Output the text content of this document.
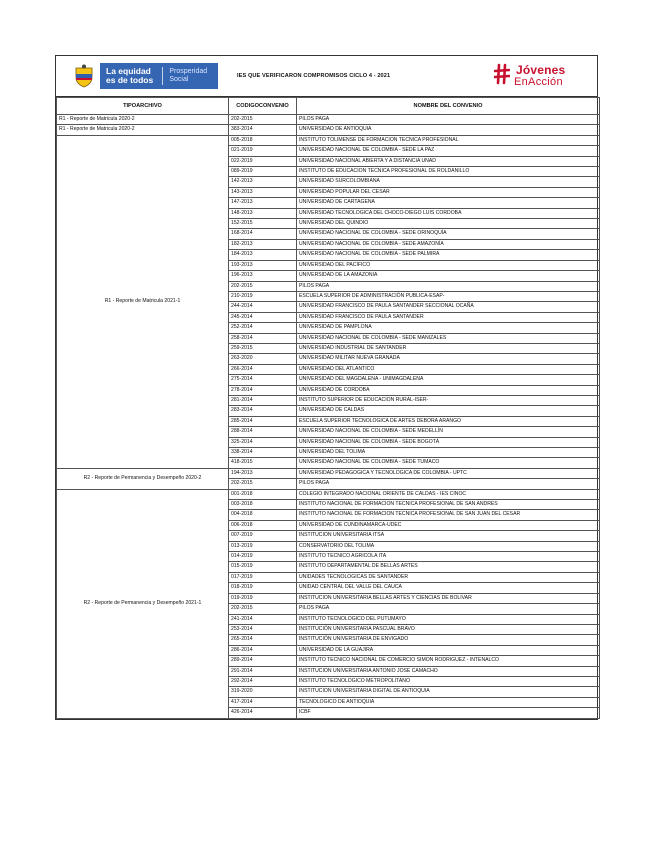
La equidad
es de todos
Prosperidad
Social	IES QUE VERIFICARON COMPROMISOS CICLO 4 - 2021	Jóvenes
EnAcción
TIPOARCHIVO	CODIGOCONVENIO	NOMBRE DEL CONVENIO
R1 - Reporte de Matricula 2020-2	202-2015	PILOS PAGA
R1 - Reporte de Matricula 2020-2	383-2014	UNIVERSIDAD DE ANTIOQUIA
R1 - Reporte de Matricula 2021-1	005-2018	INSTITUTO TOLIMENSE DE FORMACION TECNICA PROFESIONAL
	021-2019	UNIVERSIDAD NACIONAL DE COLOMBIA - SEDE LA PAZ
	022-2019	UNIVERSIDAD NACIONAL ABIERTA Y A DISTANCIA UNAD
	089-2019	INSTITUTO DE EDUCACION TECNICA PROFESIONAL DE ROLDANILLO
	142-2013	UNIVERSIDAD SURCOLOMBIANA
	143-2013	UNIVERSIDAD POPULAR DEL CESAR
	147-2013	UNIVERSIDAD DE CARTAGENA
	148-2013	UNIVERSIDAD TECNOLOGICA DEL CHOCO-DIEGO LUIS CORDOBA
	152-2015	UNIVERSIDAD DEL QUINDIO
	168-2014	UNIVERSIDAD NACIONAL DE COLOMBIA - SEDE ORINOQUÍA
	182-2013	UNIVERSIDAD NACIONAL DE COLOMBIA - SEDE AMAZONÍA
	184-2013	UNIVERSIDAD NACIONAL DE COLOMBIA - SEDE PALMIRA
	193-2013	UNIVERSIDAD DEL PACIFICO
	196-2013	UNIVERSIDAD DE LA AMAZONIA
	202-2015	PILOS PAGA
	210-2019	ESCUELA SUPERIOR DE ADMINISTRACIÓN PUBLICA-ESAP-
	244-2014	UNIVERSIDAD FRANCISCO DE PAULA SANTANDER SECCIONAL OCAÑA
	245-2014	UNIVERSIDAD FRANCISCO DE PAULA SANTANDER
	252-2014	UNIVERSIDAD DE PAMPLONA
	258-2014	UNIVERSIDAD NACIONAL DE COLOMBIA - SEDE MANIZALES
	259-2015	UNIVERSIDAD INDUSTRIAL DE SANTANDER
	263-2020	UNIVERSIDAD MILITAR NUEVA GRANADA
	266-2014	UNIVERSIDAD DEL ATLANTICO
	275-2014	UNIVERSIDAD DEL MAGDALENA - UNIMAGDALENA
	278-2014	UNIVERSIDAD DE CORDOBA
	281-2014	INSTITUTO SUPERIOR DE EDUCACION RURAL-ISER-
	283-2014	UNIVERSIDAD DE CALDAS
	285-2014	ESCUELA SUPERIOR TECNOLOGICA DE ARTES DEBORA ARANGO
	288-2014	UNIVERSIDAD NACIONAL DE COLOMBIA - SEDE MEDELLÍN
	325-2014	UNIVERSIDAD NACIONAL DE COLOMBIA - SEDE BOGOTÁ
	338-2014	UNIVERSIDAD DEL TOLIMA
	418-2015	UNIVERSIDAD NACIONAL DE COLOMBIA - SEDE TUMACO
R2 - Reporte de Permanencia y Desempeño 2020-2	194-2013	UNIVERSIDAD PEDAGOGICA Y TECNOLOGICA DE COLOMBIA - UPTC
	202-2015	PILOS PAGA
R2 - Reporte de Permanencia y Desempeño 2021-1	001-2018	COLEGIO INTEGRADO NACIONAL ORIENTE DE CALDAS - IES CINOC
	003-2018	INSTITUTO NACIONAL DE FORMACION TECNICA PROFESIONAL DE SAN ANDRES
	004-2018	INSTITUTO NACIONAL DE FORMACION TECNICA PROFESIONAL DE SAN JUAN DEL CESAR
	006-2018	UNIVERSIDAD DE CUNDINAMARCA-UDEC
	007-2019	INSTITUCION UNIVERSITARIA ITSA
	013-2019	CONSERVATORIO DEL TOLIMA
	014-2019	INSTITUTO TECNICO AGRICOLA ITA
	015-2019	INSTITUTO DEPARTAMENTAL DE BELLAS ARTES
	017-2019	UNIDADES TECNOLOGICAS DE SANTANDER
	018-2019	UNIDAD CENTRAL DEL VALLE DEL CAUCA
	019-2019	INSTITUCION UNIVERSITARIA BELLAS ARTES Y CIENCIAS DE BOLIVAR
	202-2015	PILOS PAGA
	241-2014	INSTITUTO TECNOLOGICO DEL PUTUMAYO
	253-2014	INSTITUCIÓN UNIVERSITARIA PASCUAL BRAVO
	265-2014	INSTITUCIÓN UNIVERSITARIA DE ENVIGADO
	286-2014	UNIVERSIDAD DE LA GUAJIRA
	289-2014	INSTITUTO TECNICO NACIONAL DE COMERCIO SIMON RODRIGUEZ - INTENALCO
	291-2014	INSTITUCION UNIVERSITARIA ANTONIO JOSE CAMACHO
	292-2014	INSTITUTO TECNOLOGICO METROPOLITANO
	319-2020	INSTITUCION UNIVERSITARIA DIGITAL DE ANTIOQUIA
	417-2014	TECNOLOGICO DE ANTIOQUIA
	426-2014	ICBF
